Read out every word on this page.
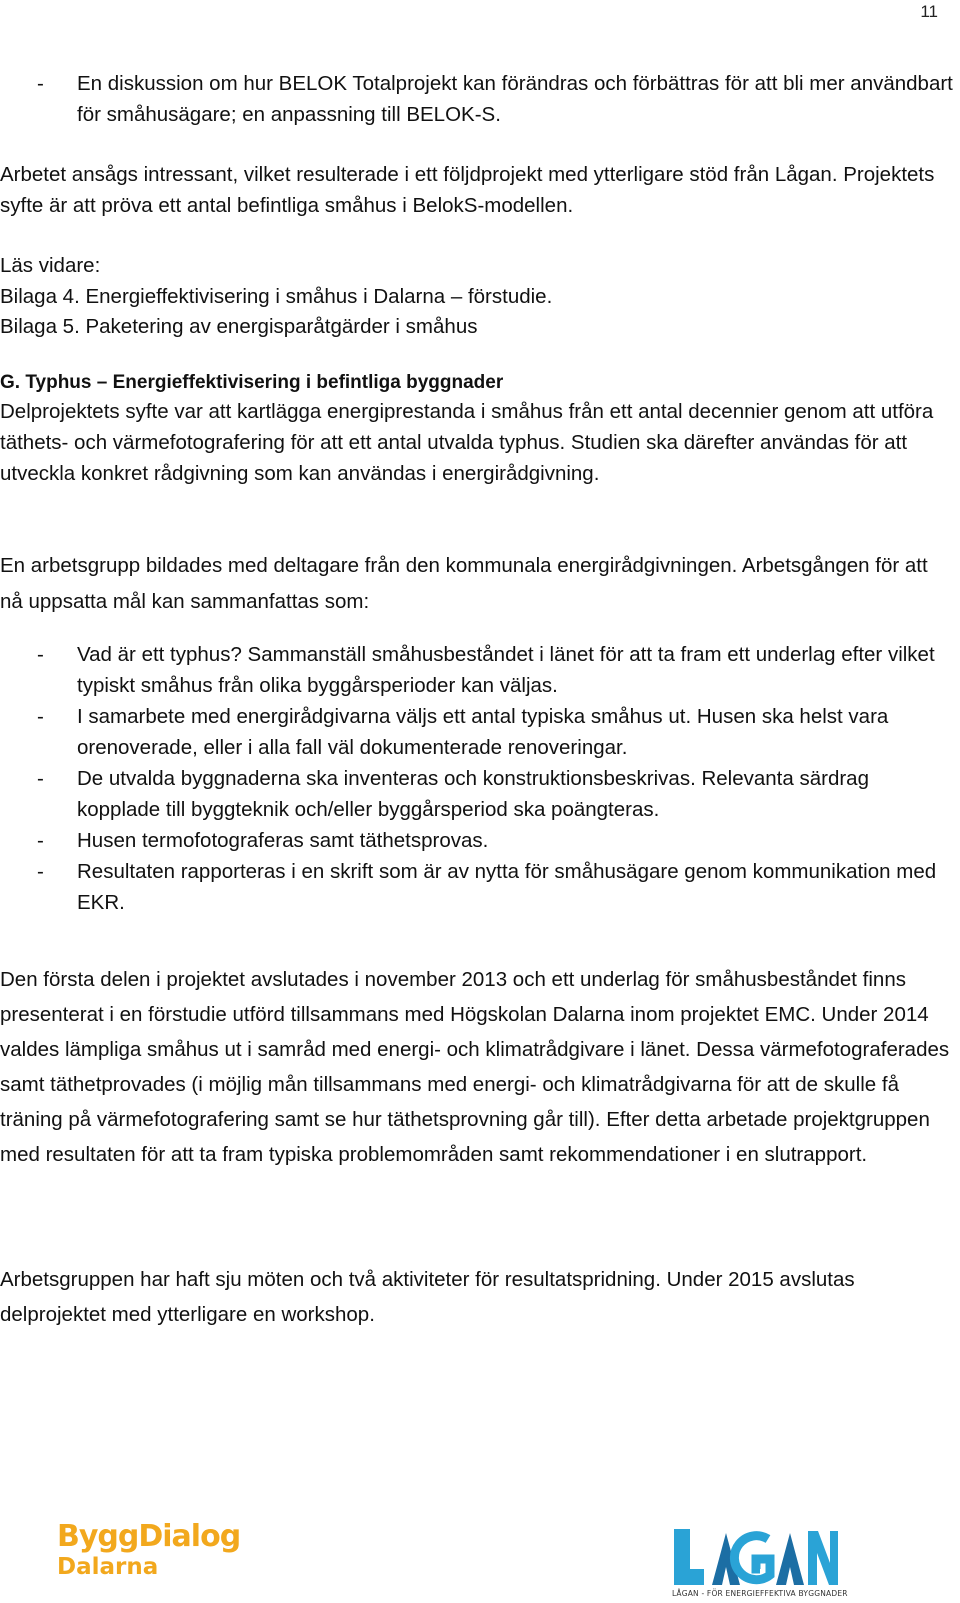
11
- En diskussion om hur BELOK Totalprojekt kan förändras och förbättras för att bli mer användbart för småhusägare; en anpassning till BELOK-S.

Arbetet ansågs intressant, vilket resulterade i ett följdprojekt med ytterligare stöd från Lågan. Projektets syfte är att pröva ett antal befintliga småhus i BelokS-modellen.

Läs vidare:

Bilaga 4. Energieffektivisering i småhus i Dalarna – förstudie.

Bilaga 5. Paketering av energisparåtgärder i småhus

G. Typhus – Energieffektivisering i befintliga byggnader

Delprojektets syfte var att kartlägga energiprestanda i småhus från ett antal decennier genom att utföra täthets- och värmefotografering för att ett antal utvalda typhus. Studien ska därefter användas för att utveckla konkret rådgivning som kan användas i energirådgivning.

En arbetsgrupp bildades med deltagare från den kommunala energirådgivningen. Arbetsgången för att nå uppsatta mål kan sammanfattas som:

- Vad är ett typhus? Sammanställ småhusbeståndet i länet för att ta fram ett underlag efter vilket typiskt småhus från olika byggårsperioder kan väljas.
- I samarbete med energirådgivarna väljs ett antal typiska småhus ut. Husen ska helst vara orenoverade, eller i alla fall väl dokumenterade renoveringar.
- De utvalda byggnaderna ska inventeras och konstruktionsbeskrivas. Relevanta särdrag kopplade till byggteknik och/eller byggårsperiod ska poängteras.
- Husen termofotograferas samt täthetsprovas.
- Resultaten rapporteras i en skrift som är av nytta för småhusägare genom kommunikation med EKR.

Den första delen i projektet avslutades i november 2013 och ett underlag för småhusbeståndet finns presenterat i en förstudie utförd tillsammans med Högskolan Dalarna inom projektet EMC. Under 2014 valdes lämpliga småhus ut i samråd med energi- och klimatrådgivare i länet. Dessa värmefotograferades samt täthetprovades (i möjlig mån tillsammans med energi- och klimatrådgivarna för att de skulle få träning på värmefotografering samt se hur täthetsprovning går till). Efter detta arbetade projektgruppen med resultaten för att ta fram typiska problemområden samt rekommendationer i en slutrapport.

Arbetsgruppen har haft sju möten och två aktiviteter för resultatspridning. Under 2015 avslutas delprojektet med ytterligare en workshop.

ByggDialog
Dalarna
LÅGAN - FÖR ENERGIEFFEKTIVA BYGGNADER
